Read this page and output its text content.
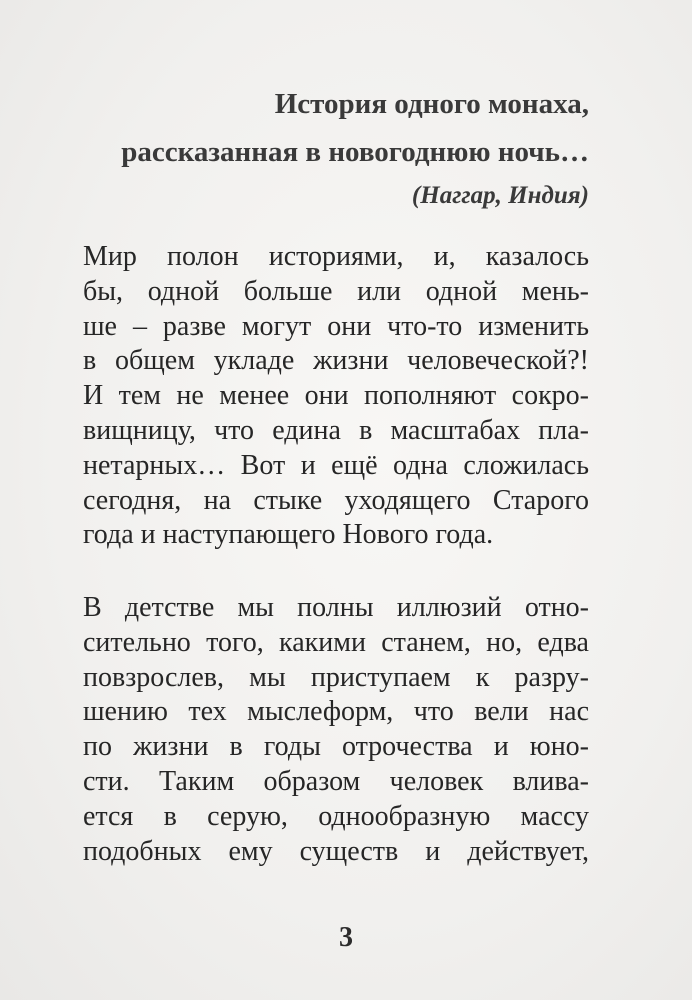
История одного монаха,
рассказанная в новогоднюю ночь…
(Наггар, Индия)
Мир полон историями, и, казалось
бы, одной больше или одной мень-
ше – разве могут они что-то изменить
в общем укладе жизни человеческой?!
И тем не менее они пополняют сокро-
вищницу, что едина в масштабах пла-
нетарных… Вот и ещё одна сложилась
сегодня, на стыке уходящего Старого
года и наступающего Нового года.
В детстве мы полны иллюзий отно-
сительно того, какими станем, но, едва
повзрослев, мы приступаем к разру-
шению тех мыслеформ, что вели нас
по жизни в годы отрочества и юно-
сти. Таким образом человек влива-
ется в серую, однообразную массу
подобных ему существ и действует,
3
